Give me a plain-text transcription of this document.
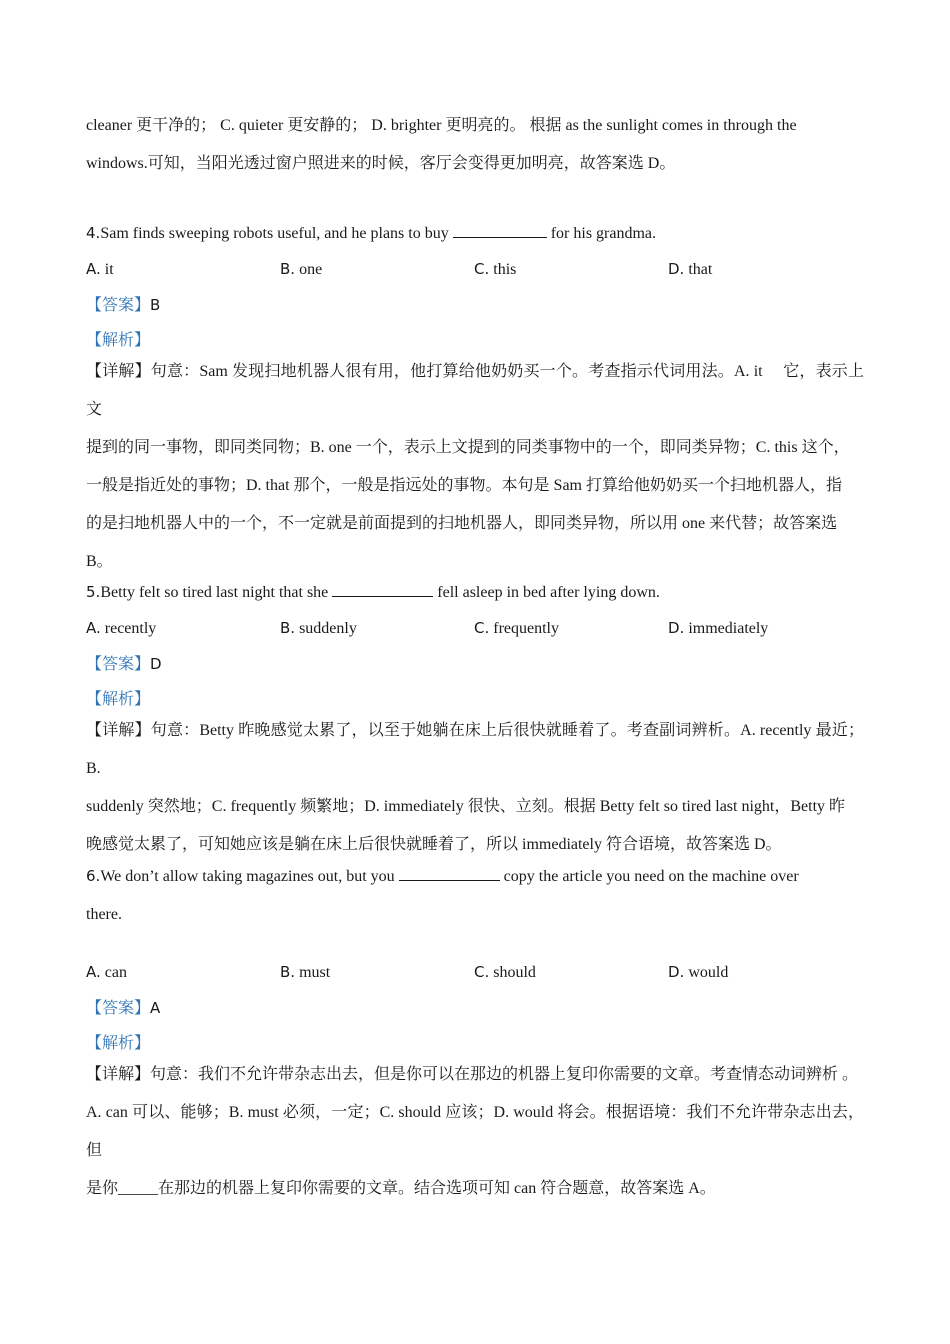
cleaner 更干净的； C. quieter 更安静的； D. brighter 更明亮的。 根据 as the sunlight comes in through the
windows.可知，当阳光透过窗户照进来的时候，客厅会变得更加明亮，故答案选 D。
4.Sam finds sweeping robots useful, and he plans to buy	for his grandma.
A. it	B. one	C. this	D. that
【答案】B
【解析】
【详解】句意：Sam 发现扫地机器人很有用，他打算给他奶奶买一个。考查指示代词用法。A. it　 它，表示上文
提到的同一事物，即同类同物；B. one 一个，表示上文提到的同类事物中的一个，即同类异物；C. this 这个，
一般是指近处的事物；D. that 那个，一般是指远处的事物。本句是 Sam 打算给他奶奶买一个扫地机器人，指
的是扫地机器人中的一个，不一定就是前面提到的扫地机器人，即同类异物，所以用 one 来代替；故答案选
B。
5.Betty felt so tired last night that she	fell asleep in bed after lying down.
A. recently	B. suddenly	C. frequently	D. immediately
【答案】D
【解析】
【详解】句意：Betty 昨晚感觉太累了，以至于她躺在床上后很快就睡着了。考查副词辨析。A. recently 最近；B.
suddenly 突然地；C. frequently 频繁地；D. immediately 很快、立刻。根据 Betty felt so tired last night，Betty 昨
晚感觉太累了，可知她应该是躺在床上后很快就睡着了，所以 immediately 符合语境，故答案选 D。
6.We don’t allow taking magazines out, but you	copy the article you need on the machine over
there.
A. can	B. must	C. should	D. would
【答案】A
【解析】
【详解】句意：我们不允许带杂志出去，但是你可以在那边的机器上复印你需要的文章。考查情态动词辨析 。
A. can 可以、能够；B. must 必须，一定；C. should 应该；D. would 将会。根据语境：我们不允许带杂志出去，但
是你_____在那边的机器上复印你需要的文章。结合选项可知 can 符合题意，故答案选 A。
